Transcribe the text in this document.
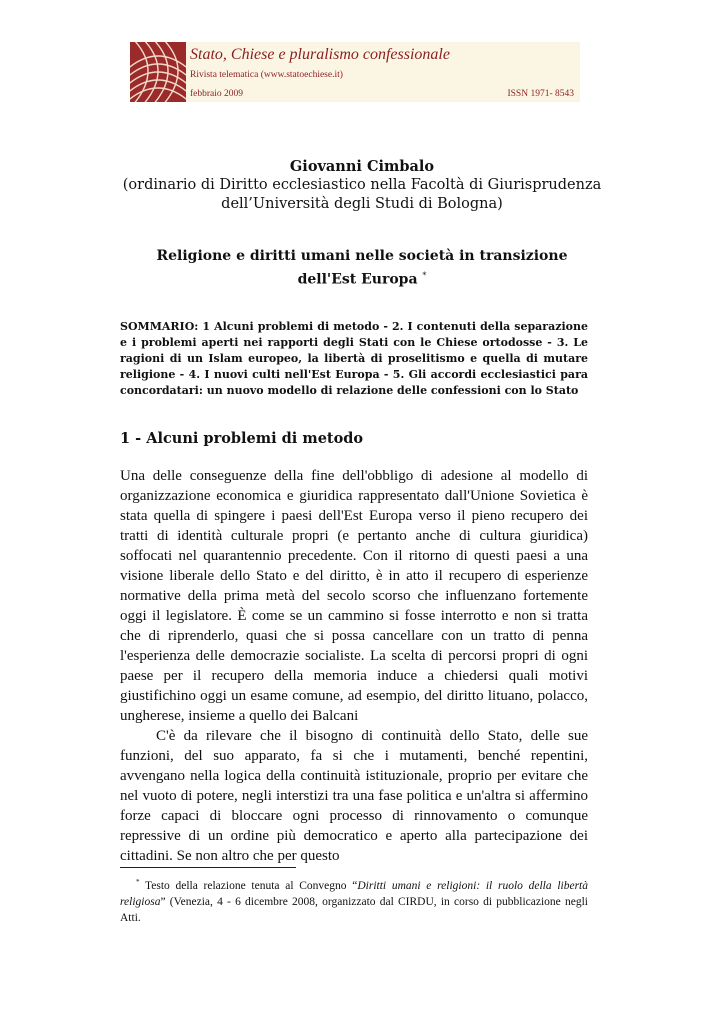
Stato, Chiese e pluralismo confessionale
Rivista telematica (www.statoechiese.it)
febbraio 2009	ISSN 1971- 8543
Giovanni Cimbalo
(ordinario di Diritto ecclesiastico nella Facoltà di Giurisprudenza
dell’Università degli Studi di Bologna)
Religione e diritti umani nelle società in transizione
dell'Est Europa *
SOMMARIO: 1 Alcuni problemi di metodo - 2. I contenuti della separazione e i problemi aperti nei rapporti degli Stati con le Chiese ortodosse - 3. Le ragioni di un Islam europeo, la libertà di proselitismo e quella di mutare religione - 4. I nuovi culti nell'Est Europa - 5. Gli accordi ecclesiastici para concordatari: un nuovo modello di relazione delle confessioni con lo Stato
1 - Alcuni problemi di metodo

Una delle conseguenze della fine dell'obbligo di adesione al modello di organizzazione economica e giuridica rappresentato dall'Unione Sovietica è stata quella di spingere i paesi dell'Est Europa verso il pieno recupero dei tratti di identità culturale propri (e pertanto anche di cultura giuridica) soffocati nel quarantennio precedente. Con il ritorno di questi paesi a una visione liberale dello Stato e del diritto, è in atto il recupero di esperienze normative della prima metà del secolo scorso che influenzano fortemente oggi il legislatore. È come se un cammino si fosse interrotto e non si tratta che di riprenderlo, quasi che si possa cancellare con un tratto di penna l'esperienza delle democrazie socialiste. La scelta di percorsi propri di ogni paese per il recupero della memoria induce a chiedersi quali motivi giustifichino oggi un esame comune, ad esempio, del diritto lituano, polacco, ungherese, insieme a quello dei Balcani

C'è da rilevare che il bisogno di continuità dello Stato, delle sue funzioni, del suo apparato, fa si che i mutamenti, benché repentini, avvengano nella logica della continuità istituzionale, proprio per evitare che nel vuoto di potere, negli interstizi tra una fase politica e un'altra si affermino forze capaci di bloccare ogni processo di rinnovamento o comunque repressive di un ordine più democratico e aperto alla partecipazione dei cittadini. Se non altro che per questo

* Testo della relazione tenuta al Convegno “Diritti umani e religioni: il ruolo della libertà religiosa” (Venezia, 4 - 6 dicembre 2008, organizzato dal CIRDU, in corso di pubblicazione negli Atti.
